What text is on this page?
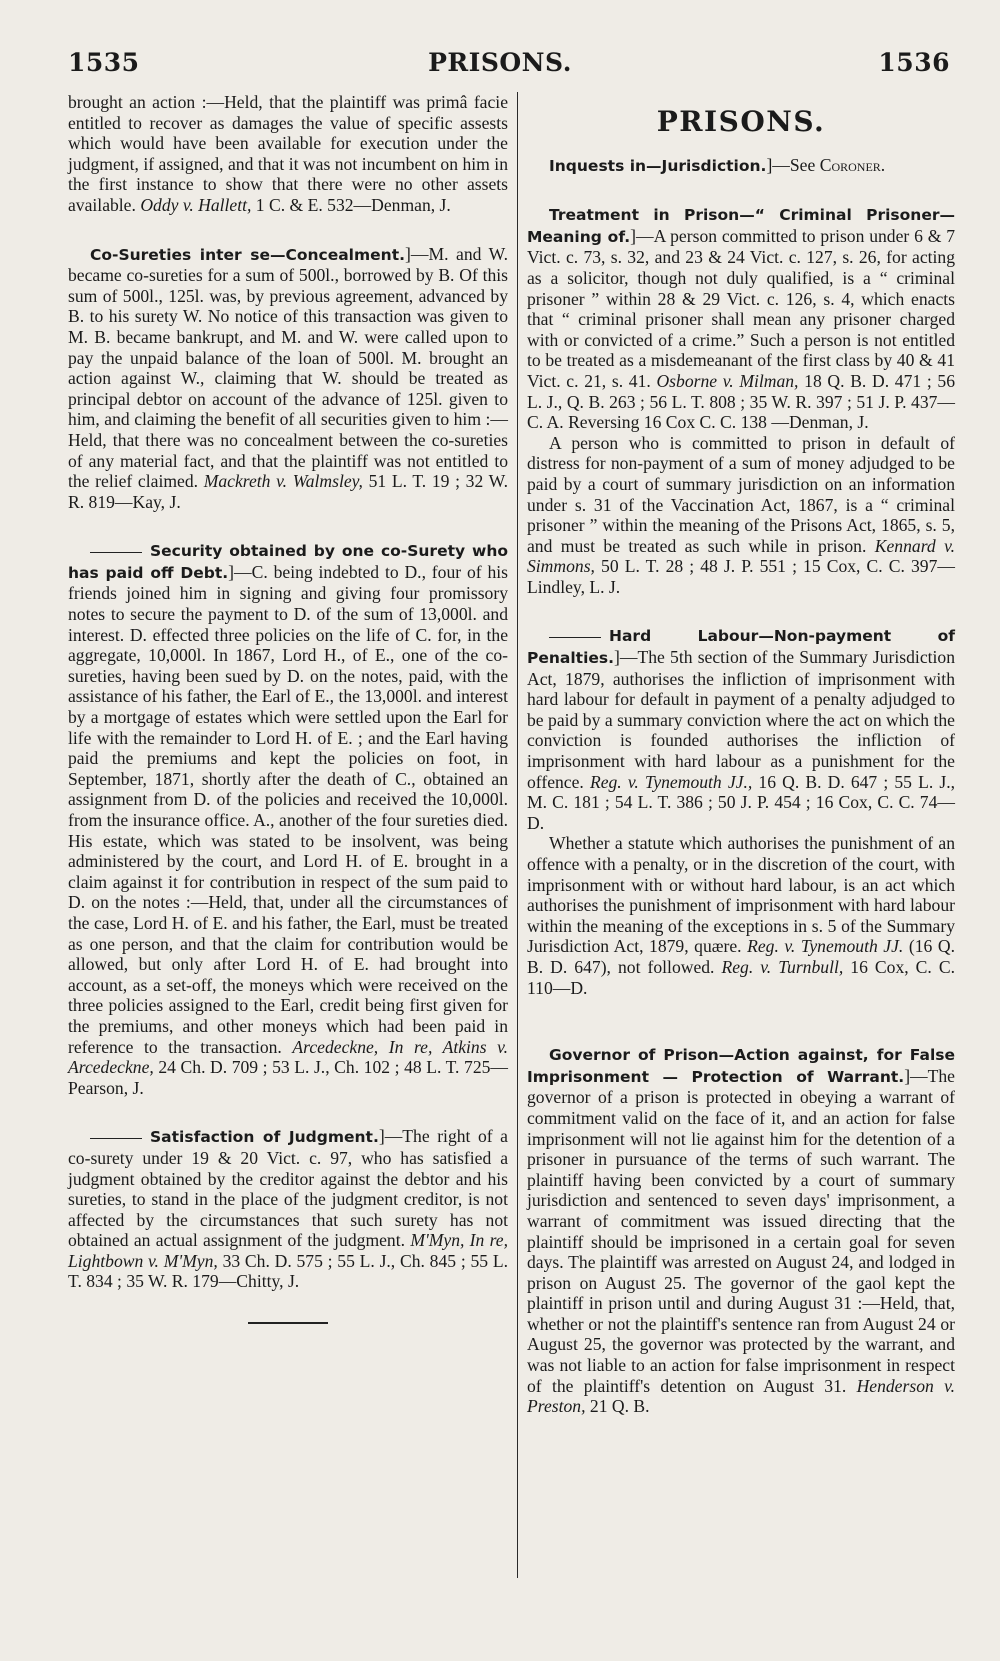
1535	PRISONS.	1536

brought an action :—Held, that the plaintiff was primâ facie entitled to recover as damages the value of specific assests which would have been available for execution under the judgment, if assigned, and that it was not incumbent on him in the first instance to show that there were no other assets available. Oddy v. Hallett, 1 C. & E. 532—Denman, J.

Co-Sureties inter se—Concealment.]—M. and W. became co-sureties for a sum of 500l., borrowed by B. Of this sum of 500l., 125l. was, by previous agreement, advanced by B. to his surety W. No notice of this transaction was given to M. B. became bankrupt, and M. and W. were called upon to pay the unpaid balance of the loan of 500l. M. brought an action against W., claiming that W. should be treated as principal debtor on account of the advance of 125l. given to him, and claiming the benefit of all securities given to him :—Held, that there was no concealment between the co-sureties of any material fact, and that the plaintiff was not entitled to the relief claimed. Mackreth v. Walmsley, 51 L. T. 19 ; 32 W. R. 819—Kay, J.

Security obtained by one co-Surety who has paid off Debt.]—C. being indebted to D., four of his friends joined him in signing and giving four promissory notes to secure the payment to D. of the sum of 13,000l. and interest. D. effected three policies on the life of C. for, in the aggregate, 10,000l. In 1867, Lord H., of E., one of the co-sureties, having been sued by D. on the notes, paid, with the assistance of his father, the Earl of E., the 13,000l. and interest by a mortgage of estates which were settled upon the Earl for life with the remainder to Lord H. of E. ; and the Earl having paid the premiums and kept the policies on foot, in September, 1871, shortly after the death of C., obtained an assignment from D. of the policies and received the 10,000l. from the insurance office. A., another of the four sureties died. His estate, which was stated to be insolvent, was being administered by the court, and Lord H. of E. brought in a claim against it for contribution in respect of the sum paid to D. on the notes :—Held, that, under all the circumstances of the case, Lord H. of E. and his father, the Earl, must be treated as one person, and that the claim for contribution would be allowed, but only after Lord H. of E. had brought into account, as a set-off, the moneys which were received on the three policies assigned to the Earl, credit being first given for the premiums, and other moneys which had been paid in reference to the transaction. Arcedeckne, In re, Atkins v. Arcedeckne, 24 Ch. D. 709 ; 53 L. J., Ch. 102 ; 48 L. T. 725—Pearson, J.

Satisfaction of Judgment.]—The right of a co-surety under 19 & 20 Vict. c. 97, who has satisfied a judgment obtained by the creditor against the debtor and his sureties, to stand in the place of the judgment creditor, is not affected by the circumstances that such surety has not obtained an actual assignment of the judgment. M'Myn, In re, Lightbown v. M'Myn, 33 Ch. D. 575 ; 55 L. J., Ch. 845 ; 55 L. T. 834 ; 35 W. R. 179—Chitty, J.

PRISONS.

Inquests in—Jurisdiction.]—See Coroner.

Treatment in Prison—“ Criminal Prisoner—Meaning of.]—A person committed to prison under 6 & 7 Vict. c. 73, s. 32, and 23 & 24 Vict. c. 127, s. 26, for acting as a solicitor, though not duly qualified, is a “ criminal prisoner ” within 28 & 29 Vict. c. 126, s. 4, which enacts that “ criminal prisoner shall mean any prisoner charged with or convicted of a crime.” Such a person is not entitled to be treated as a misdemeanant of the first class by 40 & 41 Vict. c. 21, s. 41. Osborne v. Milman, 18 Q. B. D. 471 ; 56 L. J., Q. B. 263 ; 56 L. T. 808 ; 35 W. R. 397 ; 51 J. P. 437—C. A. Reversing 16 Cox C. C. 138 —Denman, J.

A person who is committed to prison in default of distress for non-payment of a sum of money adjudged to be paid by a court of summary jurisdiction on an information under s. 31 of the Vaccination Act, 1867, is a “ criminal prisoner ” within the meaning of the Prisons Act, 1865, s. 5, and must be treated as such while in prison. Kennard v. Simmons, 50 L. T. 28 ; 48 J. P. 551 ; 15 Cox, C. C. 397—Lindley, L. J.

Hard Labour—Non-payment of Penalties.]—The 5th section of the Summary Jurisdiction Act, 1879, authorises the infliction of imprisonment with hard labour for default in payment of a penalty adjudged to be paid by a summary conviction where the act on which the conviction is founded authorises the infliction of imprisonment with hard labour as a punishment for the offence. Reg. v. Tynemouth JJ., 16 Q. B. D. 647 ; 55 L. J., M. C. 181 ; 54 L. T. 386 ; 50 J. P. 454 ; 16 Cox, C. C. 74—D.

Whether a statute which authorises the punishment of an offence with a penalty, or in the discretion of the court, with imprisonment with or without hard labour, is an act which authorises the punishment of imprisonment with hard labour within the meaning of the exceptions in s. 5 of the Summary Jurisdiction Act, 1879, quære. Reg. v. Tynemouth JJ. (16 Q. B. D. 647), not followed. Reg. v. Turnbull, 16 Cox, C. C. 110—D.

Governor of Prison—Action against, for False Imprisonment — Protection of Warrant.]—The governor of a prison is protected in obeying a warrant of commitment valid on the face of it, and an action for false imprisonment will not lie against him for the detention of a prisoner in pursuance of the terms of such warrant. The plaintiff having been convicted by a court of summary jurisdiction and sentenced to seven days' imprisonment, a warrant of commitment was issued directing that the plaintiff should be imprisoned in a certain goal for seven days. The plaintiff was arrested on August 24, and lodged in prison on August 25. The governor of the gaol kept the plaintiff in prison until and during August 31 :—Held, that, whether or not the plaintiff's sentence ran from August 24 or August 25, the governor was protected by the warrant, and was not liable to an action for false imprisonment in respect of the plaintiff's detention on August 31. Henderson v. Preston, 21 Q. B.
